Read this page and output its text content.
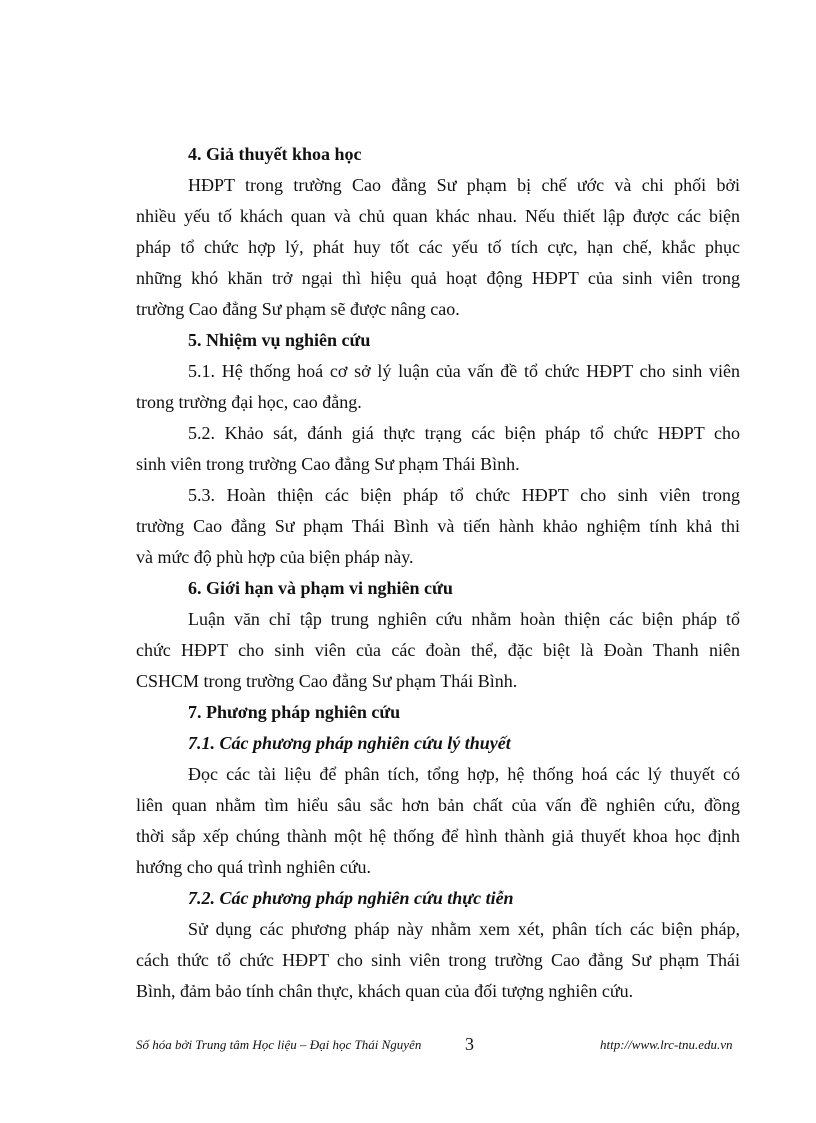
4. Giả thuyết khoa học
HĐPT trong trường Cao đẳng Sư phạm bị chế ước và chi phối bởi
nhiều yếu tố khách quan và chủ quan khác nhau. Nếu thiết lập được các biện
pháp tổ chức hợp lý, phát huy tốt các yếu tố tích cực, hạn chế, khắc phục
những khó khăn trở ngại thì hiệu quả hoạt động HĐPT của sinh viên trong
trường Cao đẳng Sư phạm sẽ được nâng cao.
5. Nhiệm vụ nghiên cứu
5.1. Hệ thống hoá cơ sở lý luận của vấn đề tổ chức HĐPT cho sinh viên
trong trường đại học, cao đẳng.
5.2. Khảo sát, đánh giá thực trạng các biện pháp tổ chức HĐPT cho
sinh viên trong trường Cao đẳng Sư phạm Thái Bình.
5.3. Hoàn thiện các biện pháp tổ chức HĐPT cho sinh viên trong
trường Cao đẳng Sư phạm Thái Bình và tiến hành khảo nghiệm tính khả thi
và mức độ phù hợp của biện pháp này.
6. Giới hạn và phạm vi nghiên cứu
Luận văn chỉ tập trung nghiên cứu nhằm hoàn thiện các biện pháp tổ
chức HĐPT cho sinh viên của các đoàn thể, đặc biệt là Đoàn Thanh niên
CSHCM trong trường Cao đẳng Sư phạm Thái Bình.
7. Phương pháp nghiên cứu
7.1. Các phương pháp nghiên cứu lý thuyết
Đọc các tài liệu để phân tích, tổng hợp, hệ thống hoá các lý thuyết có
liên quan nhằm tìm hiểu sâu sắc hơn bản chất của vấn đề nghiên cứu, đồng
thời sắp xếp chúng thành một hệ thống để hình thành giả thuyết khoa học định
hướng cho quá trình nghiên cứu.
7.2. Các phương pháp nghiên cứu thực tiễn
Sử dụng các phương pháp này nhằm xem xét, phân tích các biện pháp,
cách thức tổ chức HĐPT cho sinh viên trong trường Cao đẳng Sư phạm Thái
Bình, đảm bảo tính chân thực, khách quan của đối tượng nghiên cứu.
Số hóa bởi Trung tâm Học liệu – Đại học Thái Nguyên 3	http://www.lrc-tnu.edu.vn
